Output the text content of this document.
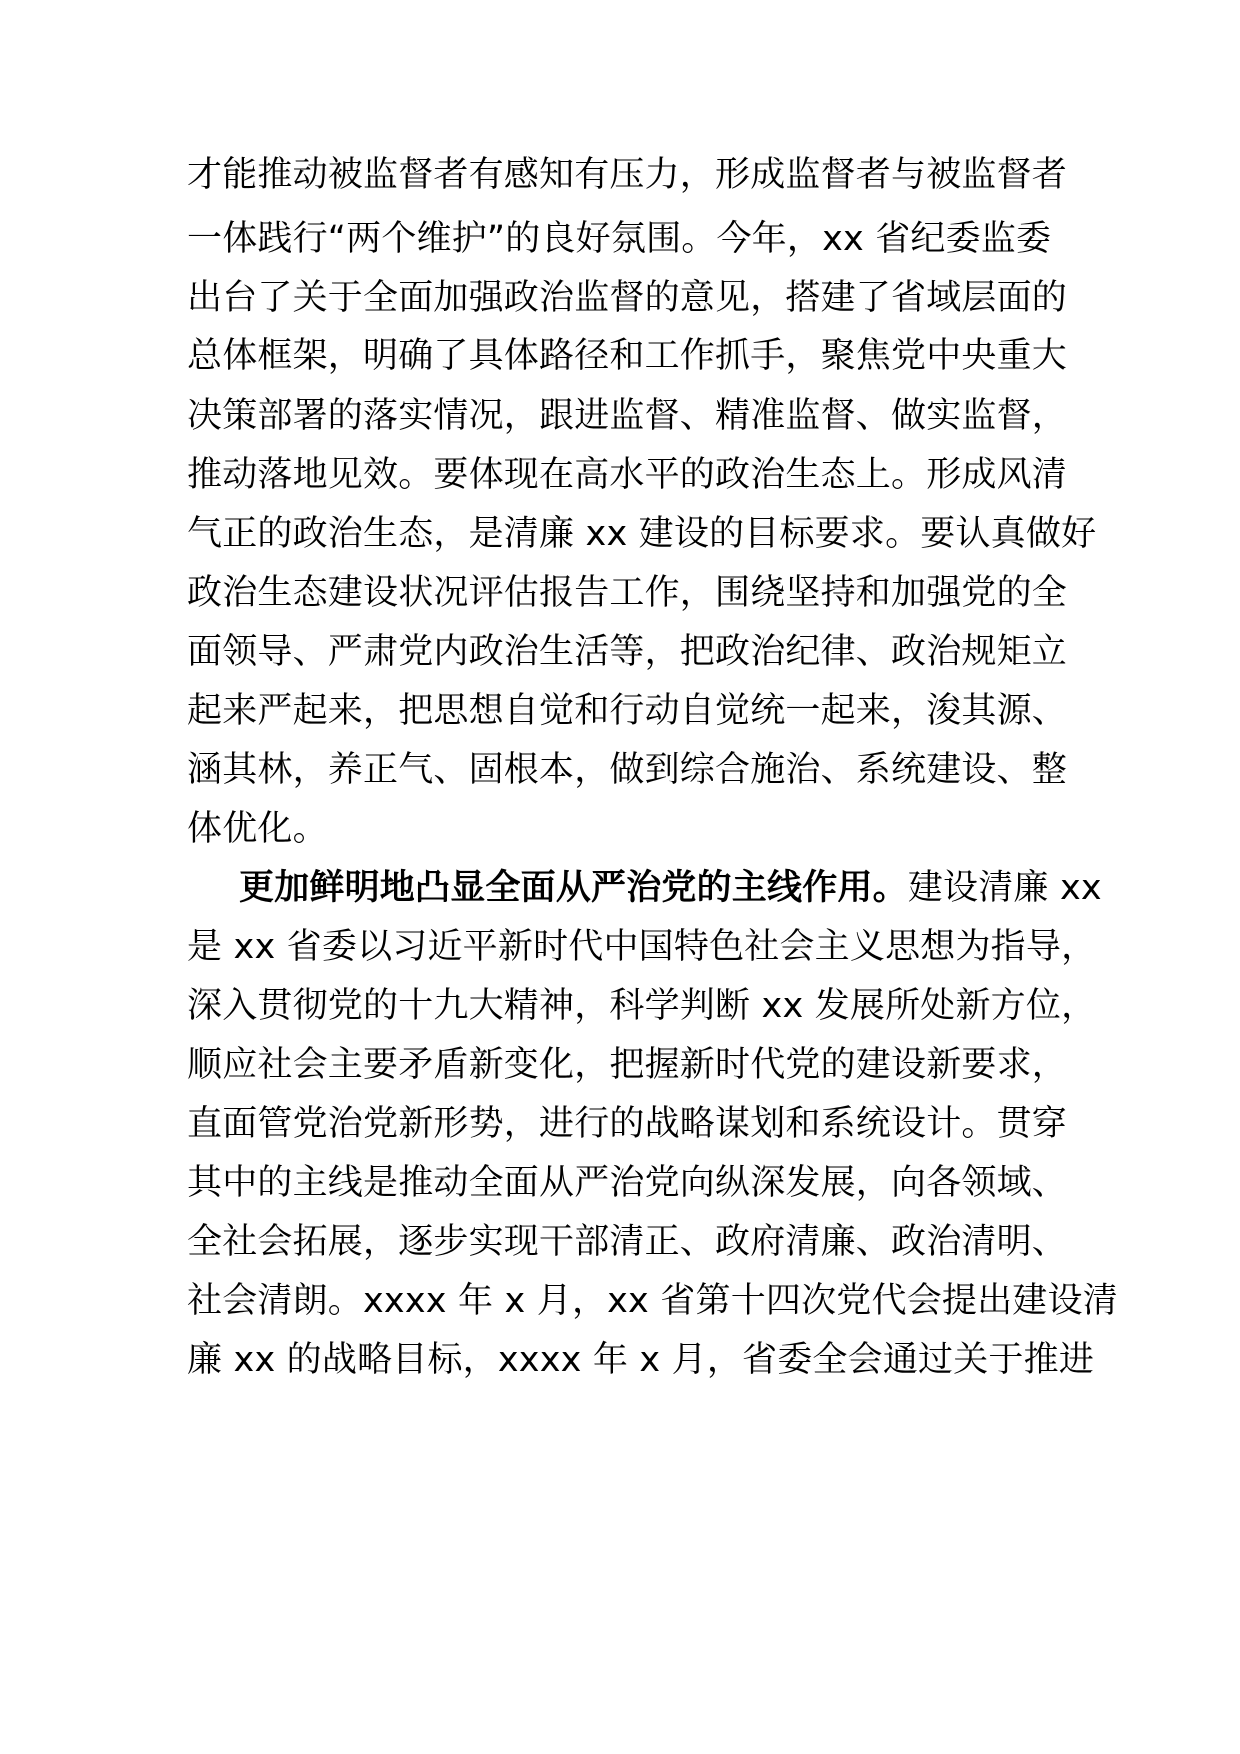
才能推动被监督者有感知有压力，形成监督者与被监督者
一体践行“两个维护”的良好氛围。今年，xx 省纪委监委
出台了关于全面加强政治监督的意见，搭建了省域层面的
总体框架，明确了具体路径和工作抓手，聚焦党中央重大
决策部署的落实情况，跟进监督、精准监督、做实监督，
推动落地见效。要体现在高水平的政治生态上。形成风清
气正的政治生态，是清廉 xx 建设的目标要求。要认真做好
政治生态建设状况评估报告工作，围绕坚持和加强党的全
面领导、严肃党内政治生活等，把政治纪律、政治规矩立
起来严起来，把思想自觉和行动自觉统一起来，浚其源、
涵其林，养正气、固根本，做到综合施治、系统建设、整
体优化。
更加鲜明地凸显全面从严治党的主线作用。建设清廉 xx
是 xx 省委以习近平新时代中国特色社会主义思想为指导，
深入贯彻党的十九大精神，科学判断 xx 发展所处新方位，
顺应社会主要矛盾新变化，把握新时代党的建设新要求，
直面管党治党新形势，进行的战略谋划和系统设计。贯穿
其中的主线是推动全面从严治党向纵深发展，向各领域、
全社会拓展，逐步实现干部清正、政府清廉、政治清明、
社会清朗。xxxx 年 x 月，xx 省第十四次党代会提出建设清
廉 xx 的战略目标，xxxx 年 x 月，省委全会通过关于推进
